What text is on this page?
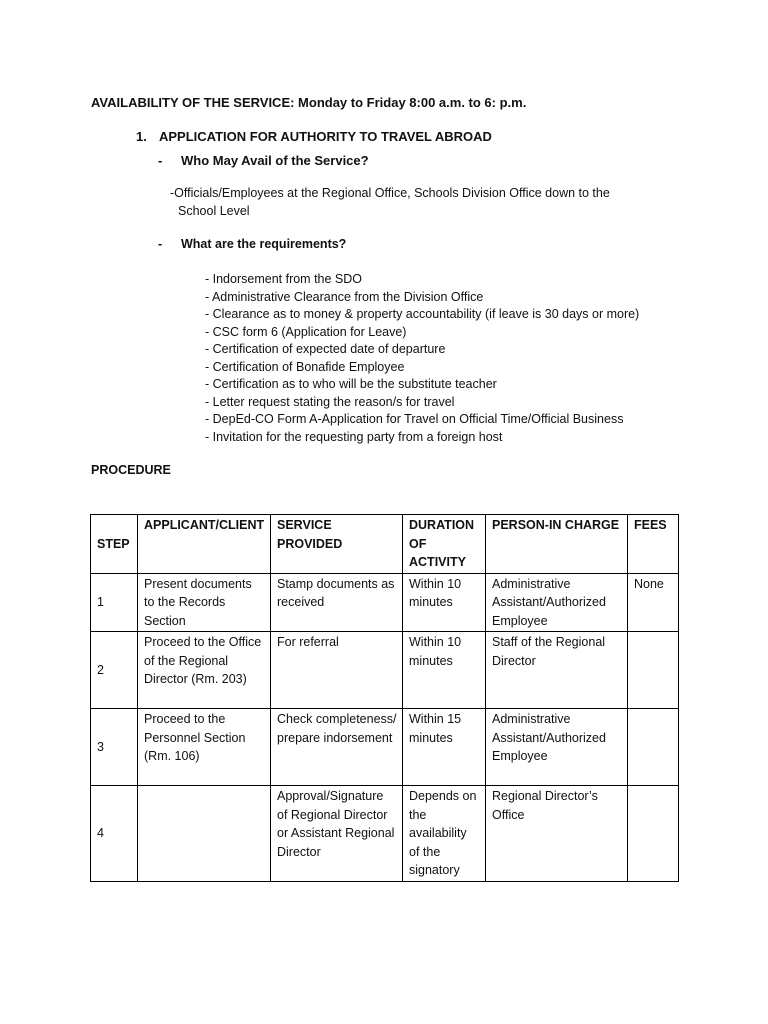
AVAILABILITY OF THE SERVICE: Monday to Friday 8:00 a.m. to 6: p.m.
1. APPLICATION FOR AUTHORITY TO TRAVEL ABROAD
- Who May Avail of the Service?
-Officials/Employees at the Regional Office, Schools Division Office down to the
School Level
- What are the requirements?
- Indorsement from the SDO
- Administrative Clearance from the Division Office
- Clearance as to money & property accountability (if leave is 30 days or more)
- CSC form 6 (Application for Leave)
- Certification of expected date of departure
- Certification of Bonafide Employee
- Certification as to who will be the substitute teacher
- Letter request stating the reason/s for travel
- DepEd-CO Form A-Application for Travel on Official Time/Official Business
- Invitation for the requesting party from a foreign host
PROCEDURE
STEP	APPLICANT/CLIENT	SERVICE PROVIDED	DURATION OF ACTIVITY	PERSON-IN CHARGE	FEES
1	Present documents to the Records Section	Stamp documents as received	Within 10 minutes	Administrative Assistant/Authorized Employee	None
2	Proceed to the Office of the Regional Director (Rm. 203)	For referral	Within 10 minutes	Staff of the Regional Director	
3	Proceed to the Personnel Section (Rm. 106)	Check completeness/ prepare indorsement	Within 15 minutes	Administrative Assistant/Authorized Employee	
4		Approval/Signature of Regional Director or Assistant Regional Director	Depends on the availability of the signatory	Regional Director’s Office	
